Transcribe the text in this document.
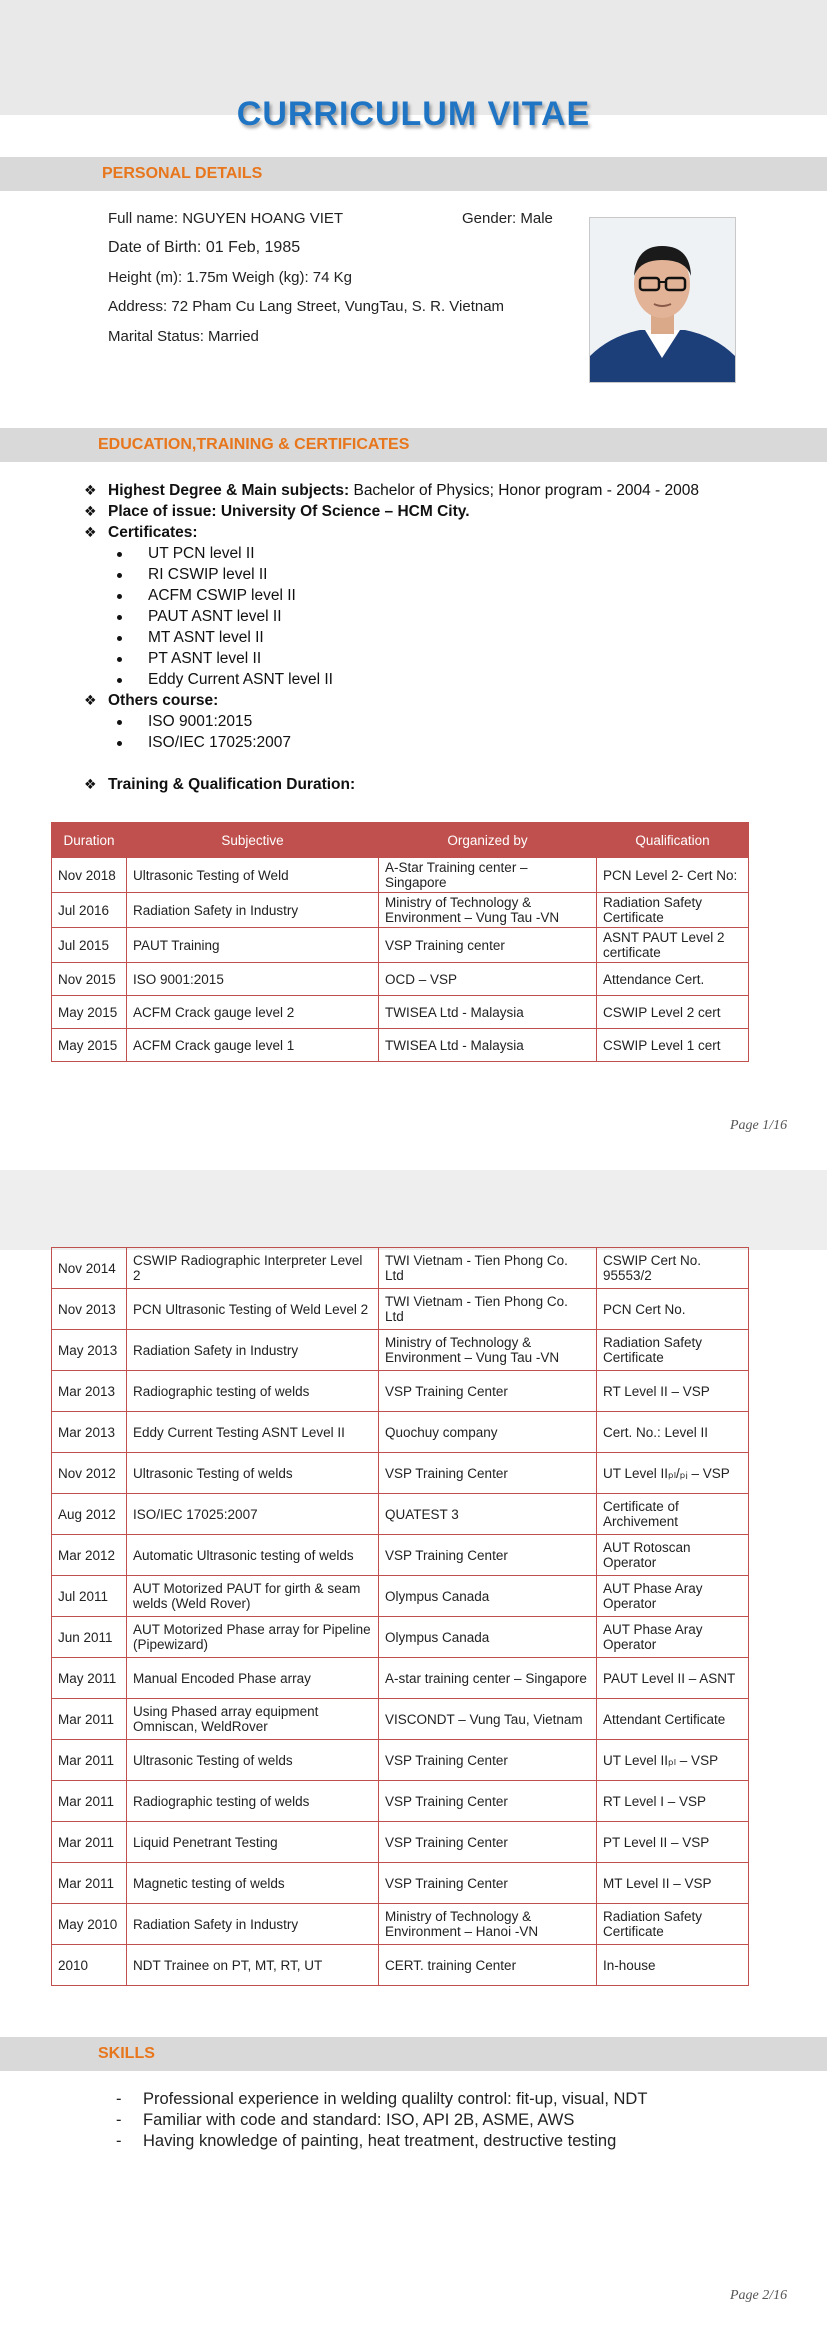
CURRICULUM VITAE
PERSONAL DETAILS
Full name: NGUYEN HOANG VIET	Gender: Male
Date of Birth: 01 Feb, 1985
Height (m): 1.75m Weigh (kg): 74 Kg
Address: 72 Pham Cu Lang Street, VungTau, S. R. Vietnam
Marital Status: Married
EDUCATION,TRAINING & CERTIFICATES
❖ Highest Degree & Main subjects: Bachelor of Physics; Honor program - 2004 - 2008
❖ Place of issue: University Of Science – HCM City.
❖ Certificates:
UT PCN level II
RI CSWIP level II
ACFM CSWIP level II
PAUT ASNT level II
MT ASNT level II
PT ASNT level II
Eddy Current ASNT level II
❖ Others course:
ISO 9001:2015
ISO/IEC 17025:2007
❖ Training & Qualification Duration:
Duration	Subjective	Organized by	Qualification
Nov 2018	Ultrasonic Testing of Weld	A-Star Training center – Singapore	PCN Level 2- Cert No:
Jul 2016	Radiation Safety in Industry	Ministry of Technology & Environment – Vung Tau -VN	Radiation Safety Certificate
Jul 2015	PAUT Training	VSP Training center	ASNT PAUT Level 2 certificate
Nov 2015	ISO 9001:2015	OCD – VSP	Attendance Cert.
May 2015	ACFM Crack gauge level 2	TWISEA Ltd - Malaysia	CSWIP Level 2 cert
May 2015	ACFM Crack gauge level 1	TWISEA Ltd - Malaysia	CSWIP Level 1 cert
Page 1/16
Nov 2014	CSWIP Radiographic Interpreter Level 2	TWI Vietnam - Tien Phong Co. Ltd	CSWIP Cert No. 95553/2
Nov 2013	PCN Ultrasonic Testing of Weld Level 2	TWI Vietnam - Tien Phong Co. Ltd	PCN Cert No.
May 2013	Radiation Safety in Industry	Ministry of Technology & Environment – Vung Tau -VN	Radiation Safety Certificate
Mar 2013	Radiographic testing of welds	VSP Training Center	RT Level II – VSP
Mar 2013	Eddy Current Testing ASNT Level II	Quochuy company	Cert. No.: Level II
Nov 2012	Ultrasonic Testing of welds	VSP Training Center	UT Level IIₚₗ/ₚᵢ – VSP
Aug 2012	ISO/IEC 17025:2007	QUATEST 3	Certificate of Archivement
Mar 2012	Automatic Ultrasonic testing of welds	VSP Training Center	AUT Rotoscan Operator
Jul 2011	AUT Motorized PAUT for girth & seam welds (Weld Rover)	Olympus Canada	AUT Phase Aray Operator
Jun 2011	AUT Motorized Phase array for Pipeline (Pipewizard)	Olympus Canada	AUT Phase Aray Operator
May 2011	Manual Encoded Phase array	A-star training center – Singapore	PAUT Level II – ASNT
Mar 2011	Using Phased array equipment Omniscan, WeldRover	VISCONDT – Vung Tau, Vietnam	Attendant Certificate
Mar 2011	Ultrasonic Testing of welds	VSP Training Center	UT Level IIₚₗ – VSP
Mar 2011	Radiographic testing of welds	VSP Training Center	RT Level I – VSP
Mar 2011	Liquid Penetrant Testing	VSP Training Center	PT Level II – VSP
Mar 2011	Magnetic testing of welds	VSP Training Center	MT Level II – VSP
May 2010	Radiation Safety in Industry	Ministry of Technology & Environment – Hanoi -VN	Radiation Safety Certificate
2010	NDT Trainee on PT, MT, RT, UT	CERT. training Center	In-house
SKILLS
- Professional experience in welding qualilty control: fit-up, visual, NDT
- Familiar with code and standard: ISO, API 2B, ASME, AWS
- Having knowledge of painting, heat treatment, destructive testing
Page 2/16
